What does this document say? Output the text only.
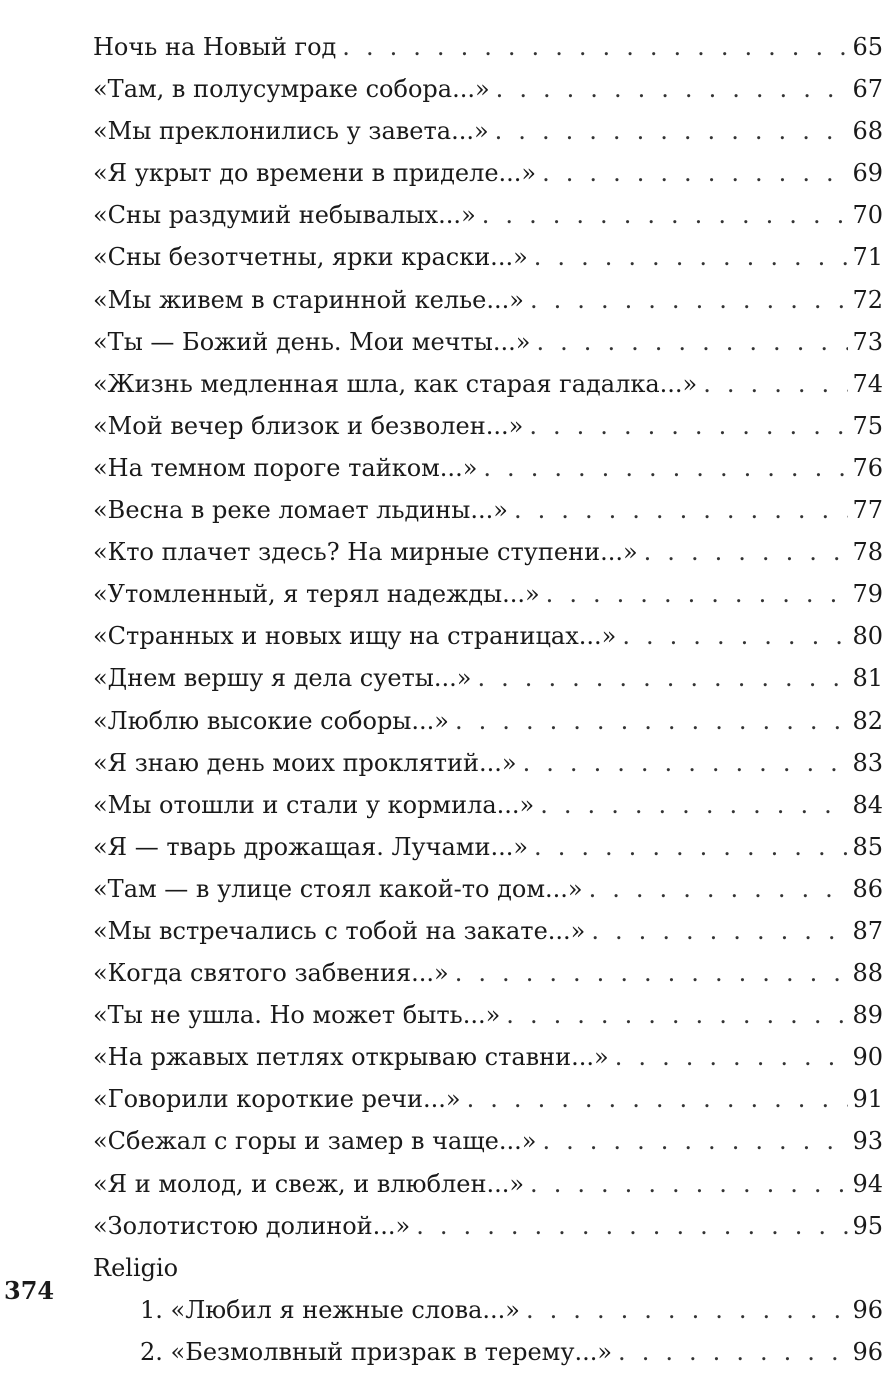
Ночь на Новый год . . .	65
«Там, в полусумраке собора...» . . .	67
«Мы преклонились у завета...» . . .	68
«Я укрыт до времени в приделе...» . . .	69
«Сны раздумий небывалых...» . . .	70
«Сны безотчетны, ярки краски...» . . .	71
«Мы живем в старинной келье...» . . .	72
«Ты — Божий день. Мои мечты...» . . .	73
«Жизнь медленная шла, как старая гадалка...» . . .	74
«Мой вечер близок и безволен...» . . .	75
«На темном пороге тайком...» . . .	76
«Весна в реке ломает льдины...» . . .	77
«Кто плачет здесь? На мирные ступени...» . . .	78
«Утомленный, я терял надежды...» . . .	79
«Странных и новых ищу на страницах...» . . .	80
«Днем вершу я дела суеты...» . . .	81
«Люблю высокие соборы...» . . .	82
«Я знаю день моих проклятий...» . . .	83
«Мы отошли и стали у кормила...» . . .	84
«Я — тварь дрожащая. Лучами...» . . .	85
«Там — в улице стоял какой-то дом...» . . .	86
«Мы встречались с тобой на закате...» . . .	87
«Когда святого забвения...» . . .	88
«Ты не ушла. Но может быть...» . . .	89
«На ржавых петлях открываю ставни...» . . .	90
«Говорили короткие речи...» . . .	91
«Сбежал с горы и замер в чаще...» . . .	93
«Я и молод, и свеж, и влюблен...» . . .	94
«Золотистою долиной...» . . .	95
Religio
1. «Любил я нежные слова...» . . .	96
2. «Безмолвный призрак в терему...» . . .	96
374
